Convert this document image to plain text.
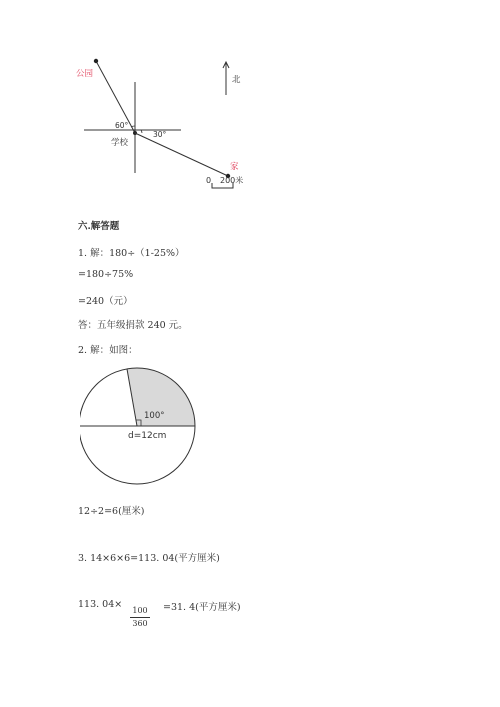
公园
60°
30°
学校
家
北
0 200米
六.解答题
1. 解：180÷（1-25%）
=180÷75%
=240（元）
答：五年级捐款 240 元。
2. 解：如图：
100°
d=12cm
12÷2=6(厘米)
3. 14×6×6=113. 04(平方厘米)
113. 04×
100
360
=31. 4(平方厘米)
